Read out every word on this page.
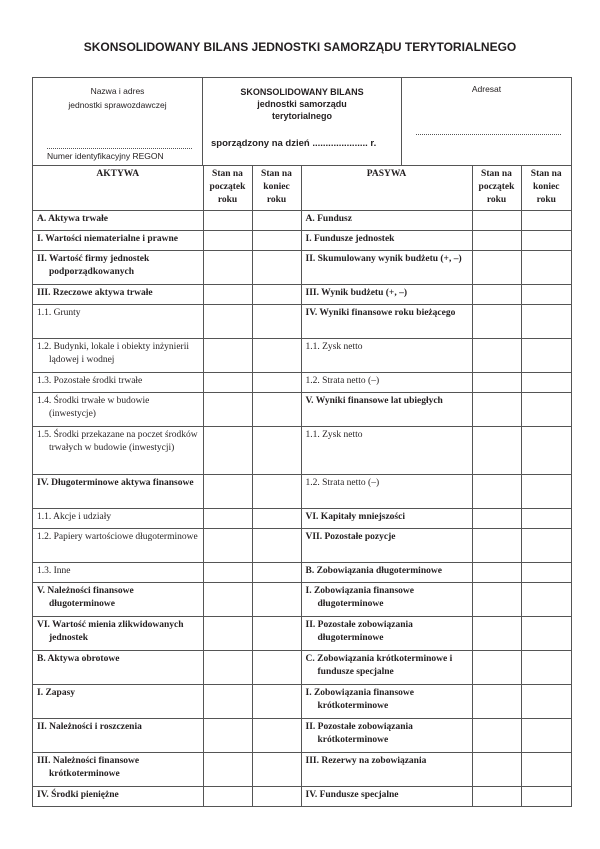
SKONSOLIDOWANY BILANS JEDNOSTKI SAMORZĄDU TERYTORIALNEGO
Nazwa i adres
jednostki sprawozdawczej
Numer identyfikacyjny REGON
SKONSOLIDOWANY BILANS
jednostki samorządu
terytorialnego
sporządzony na dzień ..................... r.
Adresat
AKTYWA	Stan na początek roku	Stan na koniec roku	PASYWA	Stan na początek roku	Stan na koniec roku

A. Aktywa trwałe			A. Fundusz		

I. Wartości niematerialne i prawne			I. Fundusze jednostek		

II. Wartość firmy jednostek podporządkowanych			II. Skumulowany wynik budżetu (+, –)		

III. Rzeczowe aktywa trwałe			III. Wynik budżetu (+, –)		

1.1. Grunty			IV. Wyniki finansowe roku bieżącego		

1.2. Budynki, lokale i obiekty inżynierii lądowej i wodnej			1.1. Zysk netto		

1.3. Pozostałe środki trwałe			1.2. Strata netto (–)		

1.4. Środki trwałe w budowie (inwestycje)			V. Wyniki finansowe lat ubiegłych		

1.5. Środki przekazane na poczet środków trwałych w budowie (inwestycji)			1.1. Zysk netto		

IV. Długoterminowe aktywa finansowe			1.2. Strata netto (–)		

1.1. Akcje i udziały			VI. Kapitały mniejszości		

1.2. Papiery wartościowe długoterminowe			VII. Pozostałe pozycje		

1.3. Inne			B. Zobowiązania długoterminowe		

V. Należności finansowe długoterminowe			I. Zobowiązania finansowe długoterminowe		

VI. Wartość mienia zlikwidowanych jednostek			II. Pozostałe zobowiązania długoterminowe		

B. Aktywa obrotowe			C. Zobowiązania krótkoterminowe i fundusze specjalne		

I. Zapasy			I. Zobowiązania finansowe krótkoterminowe		

II. Należności i roszczenia			II. Pozostałe zobowiązania krótkoterminowe		

III. Należności finansowe krótkoterminowe			III. Rezerwy na zobowiązania		

IV. Środki pieniężne			IV. Fundusze specjalne		
